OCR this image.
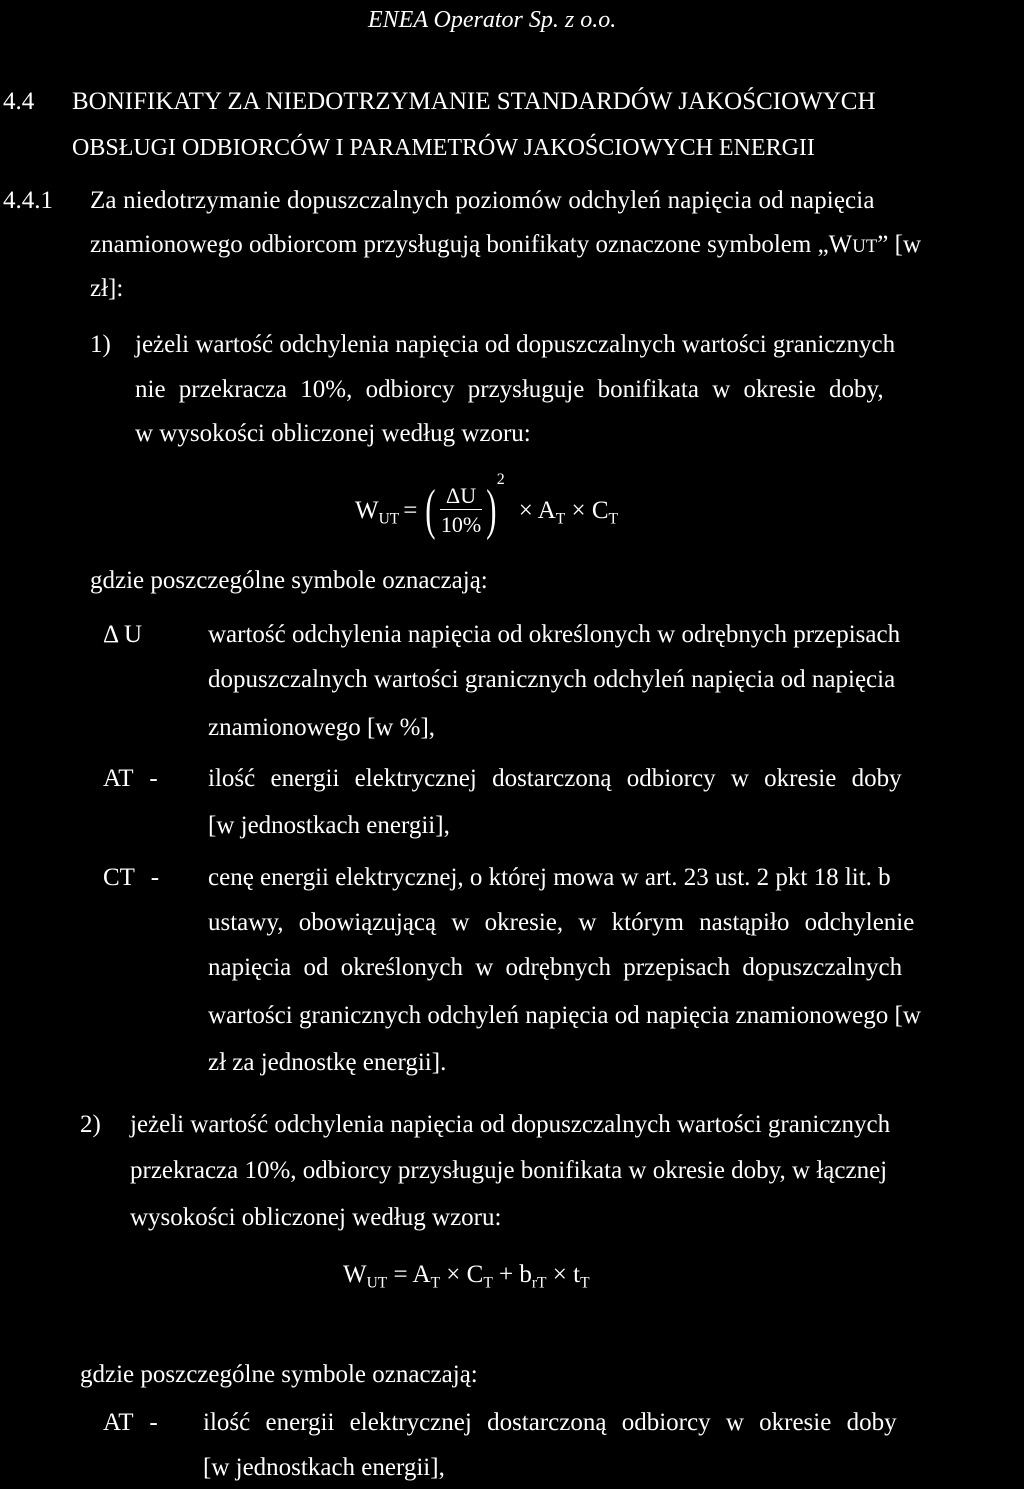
ENEA Operator Sp. z o.o.
4.4 BONIFIKATY ZA NIEDOTRZYMANIE STANDARDÓW JAKOŚCIOWYCH
OBSŁUGI ODBIORCÓW I PARAMETRÓW JAKOŚCIOWYCH ENERGII
4.4.1 Za niedotrzymanie dopuszczalnych poziomów odchyleń napięcia od napięcia
znamionowego odbiorcom przysługują bonifikaty oznaczone symbolem „WUT” [w
zł]:
1) jeżeli wartość odchylenia napięcia od dopuszczalnych wartości granicznych
nie przekracza 10%, odbiorcy przysługuje bonifikata w okresie doby,
w wysokości obliczonej według wzoru:
$W_{UT}$ = ( $\frac{\Delta U}{10\%}$ ) 2
× $A_T \times C_T$
gdzie poszczególne symbole oznaczają:
Δ U	wartość odchylenia napięcia od określonych w odrębnych przepisach
dopuszczalnych wartości granicznych odchyleń napięcia od napięcia
znamionowego [w %],
AT - ilość energii elektrycznej dostarczoną odbiorcy w okresie doby
[w jednostkach energii],
CT - cenę energii elektrycznej, o której mowa w art. 23 ust. 2 pkt 18 lit. b
ustawy, obowiązującą w okresie, w którym nastąpiło odchylenie
napięcia od określonych w odrębnych przepisach dopuszczalnych
wartości granicznych odchyleń napięcia od napięcia znamionowego [w
zł za jednostkę energii].
2) jeżeli wartość odchylenia napięcia od dopuszczalnych wartości granicznych
przekracza 10%, odbiorcy przysługuje bonifikata w okresie doby, w łącznej
wysokości obliczonej według wzoru:
$W_{UT} = A_T \times C_T + b_{rT} \times t_T$
gdzie poszczególne symbole oznaczają:
AT - ilość energii elektrycznej dostarczoną odbiorcy w okresie doby
[w jednostkach energii],
